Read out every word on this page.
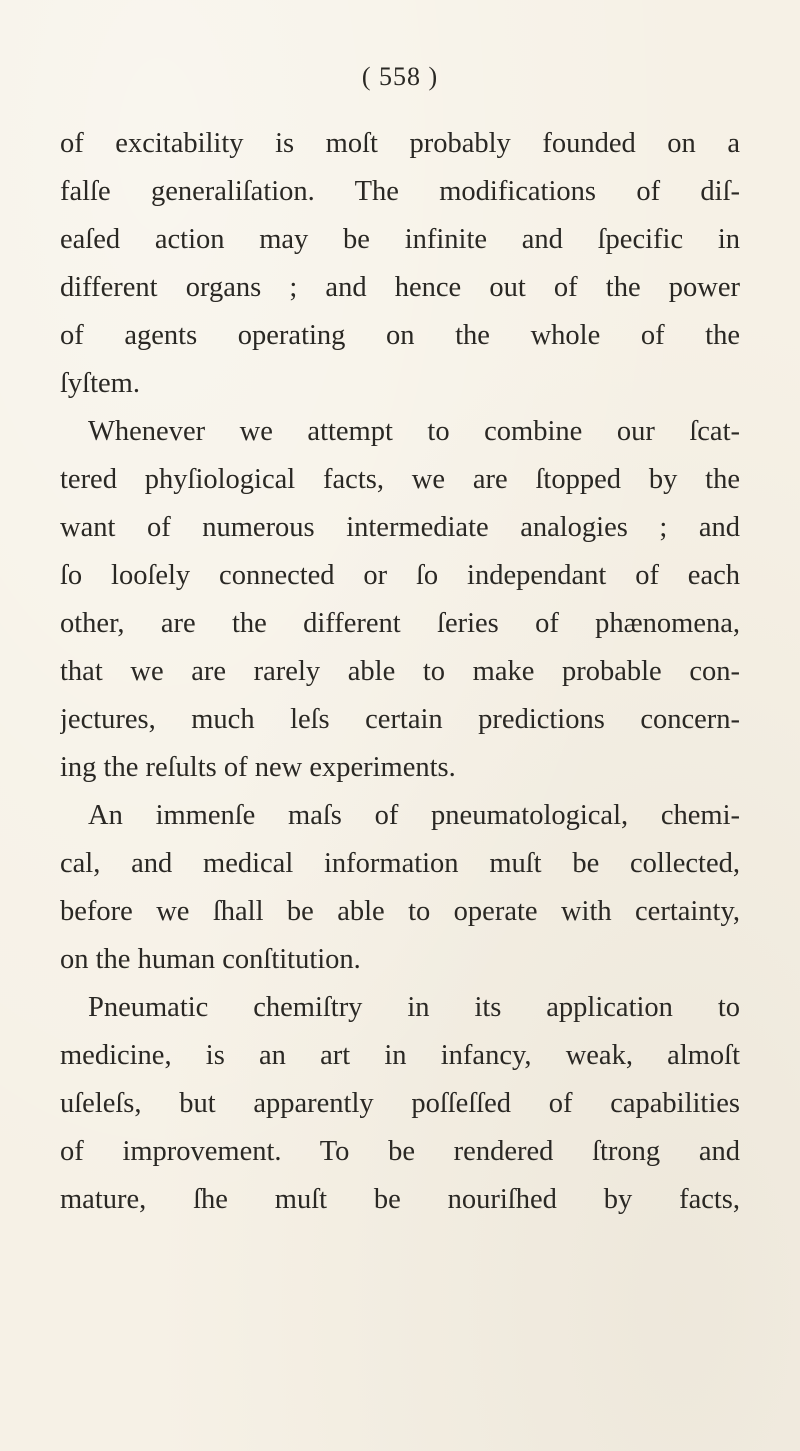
( 558 )
of excitability is moſt probably founded on a
falſe generaliſation. The modifications of diſ-
eaſed action may be infinite and ſpecific in
different organs ; and hence out of the power
of agents operating on the whole of the
ſyſtem.
Whenever we attempt to combine our ſcat-
tered phyſiological facts, we are ſtopped by the
want of numerous intermediate analogies ; and
ſo looſely connected or ſo independant of each
other, are the different ſeries of phænomena,
that we are rarely able to make probable con-
jectures, much leſs certain predictions concern-
ing the reſults of new experiments.
An immenſe maſs of pneumatological, chemi-
cal, and medical information muſt be collected,
before we ſhall be able to operate with certainty,
on the human conſtitution.
Pneumatic chemiſtry in its application to
medicine, is an art in infancy, weak, almoſt
uſeleſs, but apparently poſſeſſed of capabilities
of improvement. To be rendered ſtrong and
mature, ſhe muſt be nouriſhed by facts,
